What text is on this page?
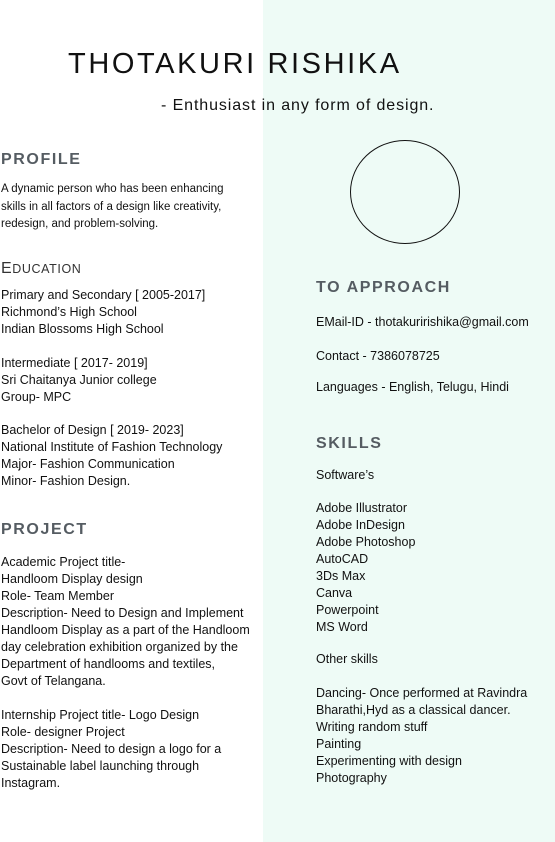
THOTAKURI RISHIKA
- Enthusiast in any form of design.
PROFILE
A dynamic person who has been enhancing
skills in all factors of a design like creativity,
redesign, and problem-solving.
EDUCATION
Primary and Secondary [ 2005-2017]
Richmond’s High School
Indian Blossoms High School
Intermediate [ 2017- 2019]
Sri Chaitanya Junior college
Group- MPC
Bachelor of Design [ 2019- 2023]
National Institute of Fashion Technology
Major- Fashion Communication
Minor- Fashion Design.
PROJECT
Academic Project title-
Handloom Display design
Role- Team Member
Description- Need to Design and Implement
Handloom Display as a part of the Handloom
day celebration exhibition organized by the
Department of handlooms and textiles,
Govt of Telangana.
Internship Project title- Logo Design
Role- designer Project
Description- Need to design a logo for a
Sustainable label launching through
Instagram.
TO APPROACH
EMail-ID - thotakuririshika@gmail.com
Contact - 7386078725
Languages - English, Telugu, Hindi
SKILLS
Software’s
Adobe Illustrator
Adobe InDesign
Adobe Photoshop
AutoCAD
3Ds Max
Canva
Powerpoint
MS Word
Other skills
Dancing- Once performed at Ravindra
Bharathi,Hyd as a classical dancer.
Writing random stuff
Painting
Experimenting with design
Photography
